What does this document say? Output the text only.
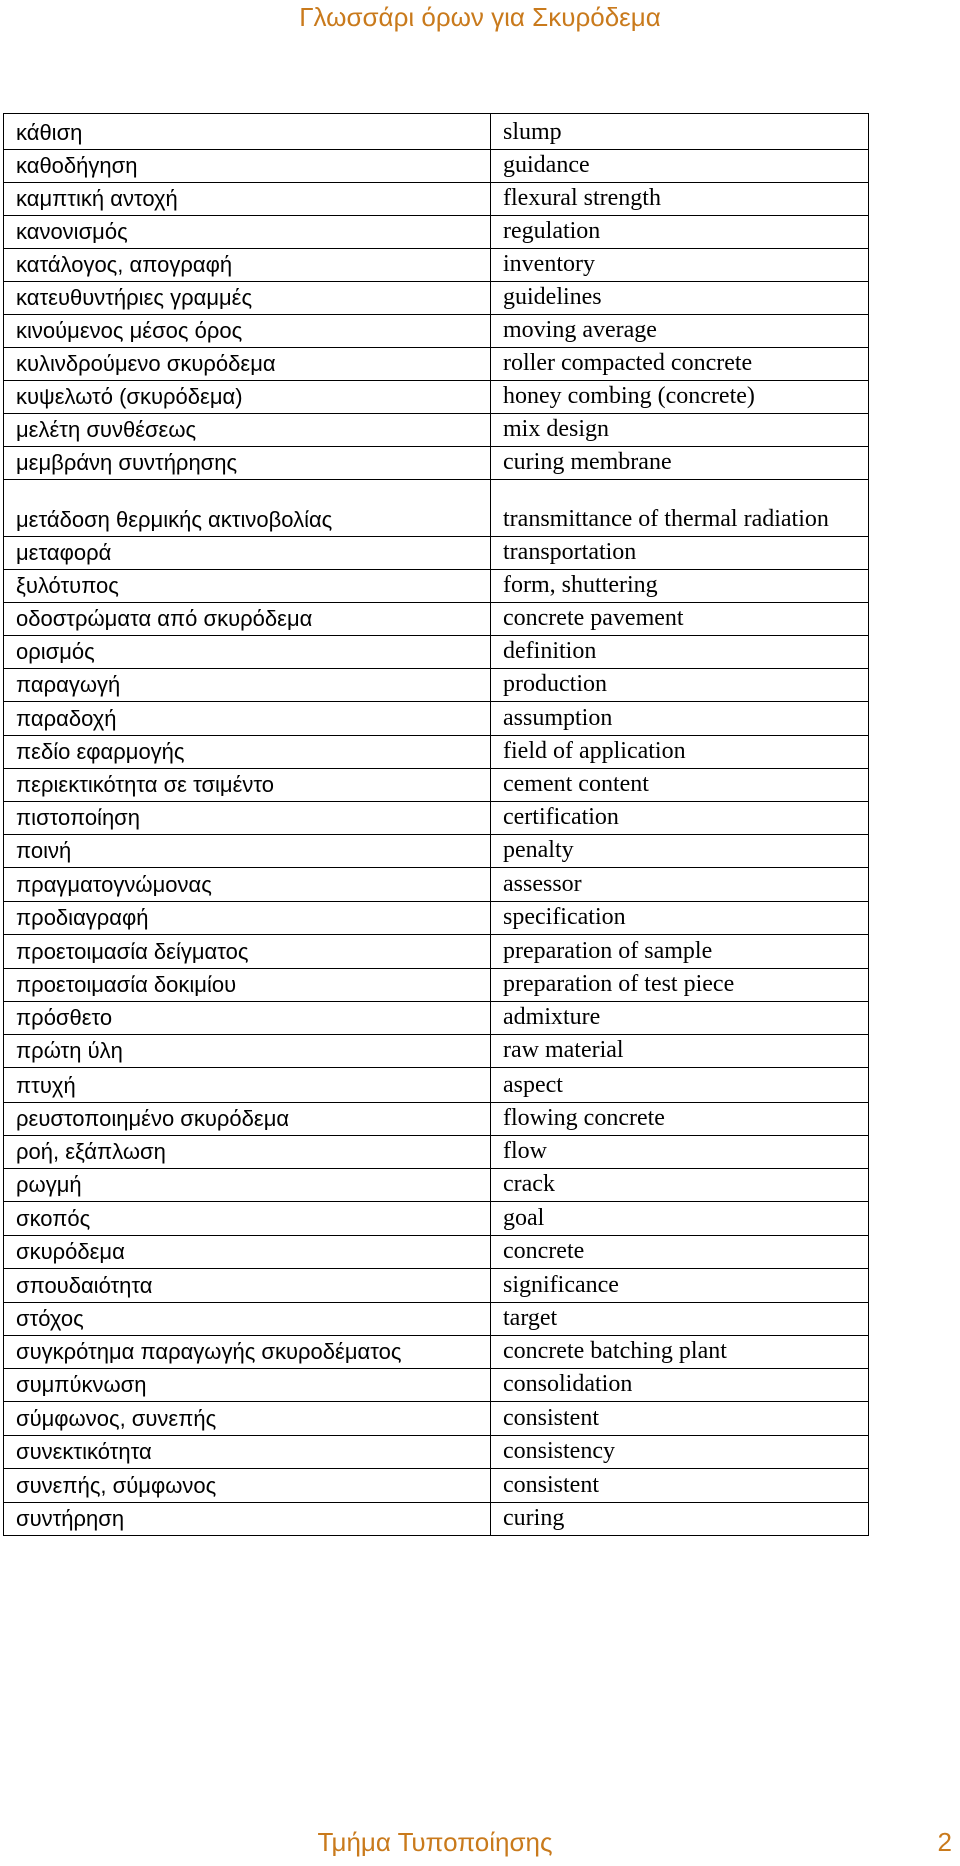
Γλωσσάρι όρων για Σκυρόδεμα
κάθιση	slump
καθοδήγηση	guidance
καμπτική αντοχή	flexural strength
κανονισμός	regulation
κατάλογος, απογραφή	inventory
κατευθυντήριες γραμμές	guidelines
κινούμενος μέσος όρος	moving average
κυλινδρούμενο σκυρόδεμα	roller compacted concrete
κυψελωτό (σκυρόδεμα)	honey combing (concrete)
μελέτη συνθέσεως	mix design
μεμβράνη συντήρησης	curing membrane
μετάδοση θερμικής ακτινοβολίας	transmittance of thermal radiation
μεταφορά	transportation
ξυλότυπος	form, shuttering
οδοστρώματα από σκυρόδεμα	concrete pavement
ορισμός	definition
παραγωγή	production
παραδοχή	assumption
πεδίο εφαρμογής	field of application
περιεκτικότητα σε τσιμέντο	cement content
πιστοποίηση	certification
ποινή	penalty
πραγματογνώμονας	assessor
προδιαγραφή	specification
προετοιμασία δείγματος	preparation of sample
προετοιμασία δοκιμίου	preparation of test piece
πρόσθετο	admixture
πρώτη ύλη	raw material
πτυχή	aspect
ρευστοποιημένο σκυρόδεμα	flowing concrete
ροή, εξάπλωση	flow
ρωγμή	crack
σκοπός	goal
σκυρόδεμα	concrete
σπουδαιότητα	significance
στόχος	target
συγκρότημα παραγωγής σκυροδέματος	concrete batching plant
συμπύκνωση	consolidation
σύμφωνος, συνεπής	consistent
συνεκτικότητα	consistency
συνεπής, σύμφωνος	consistent
συντήρηση	curing
Τμήμα Τυποποίησης	2
